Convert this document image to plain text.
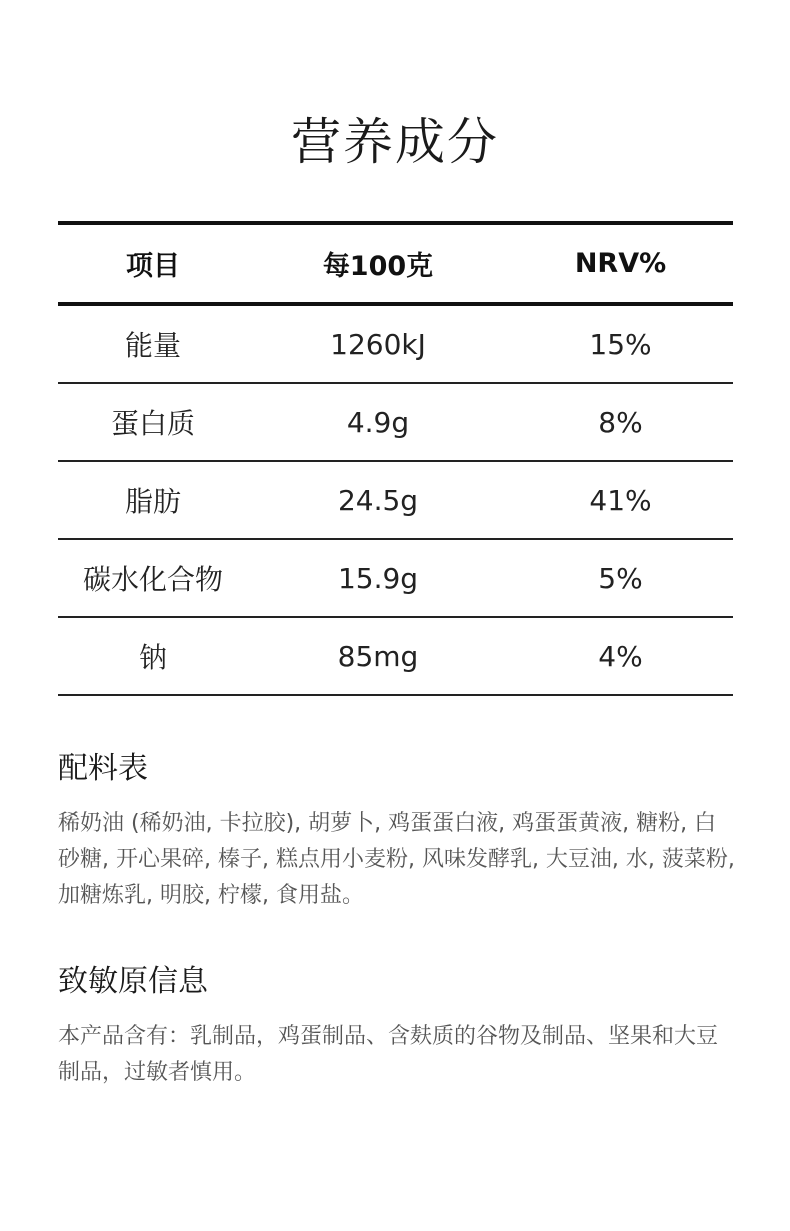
营养成分
项目	每100克	NRV%
能量	1260kJ	15%
蛋白质	4.9g	8%
脂肪	24.5g	41%
碳水化合物	15.9g	5%
钠	85mg	4%
配料表
稀奶油 (稀奶油, 卡拉胶), 胡萝卜, 鸡蛋蛋白液, 鸡蛋蛋黄液, 糖粉, 白砂糖, 开心果碎, 榛子, 糕点用小麦粉, 风味发酵乳, 大豆油, 水, 菠菜粉, 加糖炼乳, 明胶, 柠檬, 食用盐。
致敏原信息
本产品含有：乳制品，鸡蛋制品、含麸质的谷物及制品、坚果和大豆制品，过敏者慎用。
